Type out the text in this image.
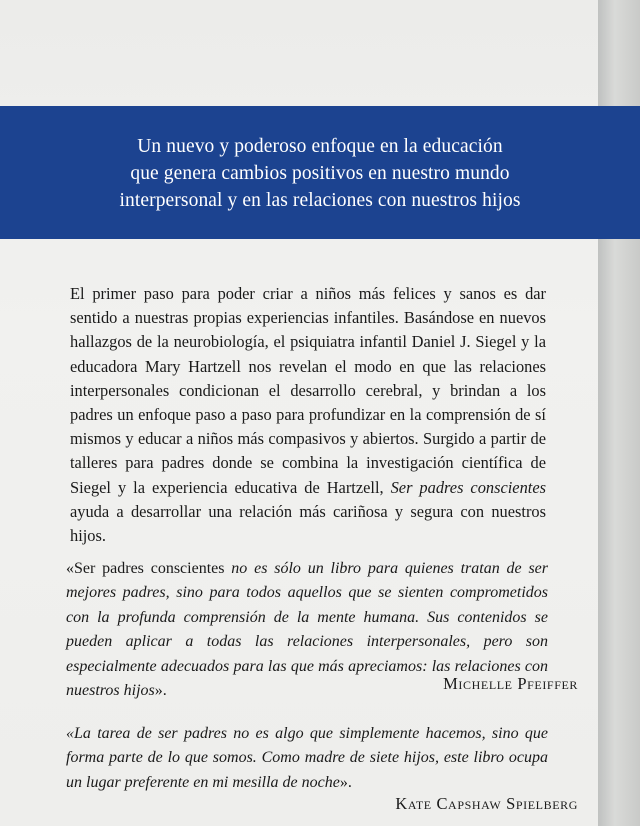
Un nuevo y poderoso enfoque en la educación
que genera cambios positivos en nuestro mundo
interpersonal y en las relaciones con nuestros hijos

El primer paso para poder criar a niños más felices y sanos es dar sentido a nuestras propias experiencias infantiles. Basándose en nuevos hallazgos de la neurobiología, el psiquiatra infantil Daniel J. Siegel y la educadora Mary Hartzell nos revelan el modo en que las relaciones interpersonales condicionan el desarrollo cerebral, y brindan a los padres un enfoque paso a paso para profundizar en la comprensión de sí mismos y educar a niños más compasivos y abiertos. Surgido a partir de talleres para padres donde se combina la investigación científica de Siegel y la experiencia educativa de Hartzell, Ser padres conscientes ayuda a desarrollar una relación más cariñosa y segura con nuestros hijos.

«Ser padres conscientes no es sólo un libro para quienes tratan de ser mejores padres, sino para todos aquellos que se sienten comprometidos con la profunda comprensión de la mente humana. Sus contenidos se pueden aplicar a todas las relaciones interpersonales, pero son especialmente adecuados para las que más apreciamos: las relaciones con nuestros hijos».	Michelle Pfeiffer

«La tarea de ser padres no es algo que simplemente hacemos, sino que forma parte de lo que somos. Como madre de siete hijos, este libro ocupa un lugar preferente en mi mesilla de noche».

Kate Capshaw Spielberg
